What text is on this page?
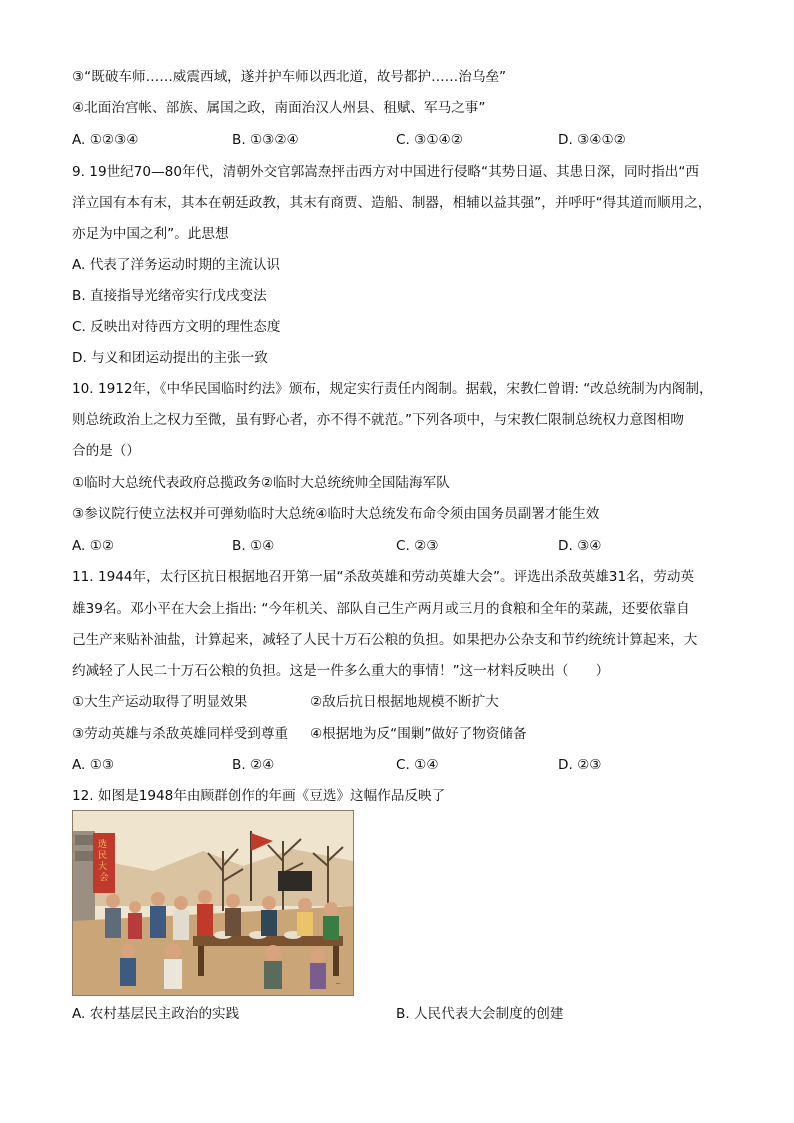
③“既破车师……威震西域，遂并护车师以西北道，故号都护……治乌垒”
④北面治宫帐、部族、属国之政，南面治汉人州县、租赋、军马之事”
A. ①②③④	B. ①③②④	C. ③①④②	D. ③④①②
9. 19世纪70—80年代，清朝外交官郭嵩焘抨击西方对中国进行侵略“其势日逼、其患日深，同时指出“西
洋立国有本有末，其本在朝廷政教，其末有商贾、造船、制器，相辅以益其强”，并呼吁“得其道而顺用之，
亦足为中国之利”。此思想
A. 代表了洋务运动时期的主流认识
B. 直接指导光绪帝实行戊戌变法
C. 反映出对待西方文明的理性态度
D. 与义和团运动提出的主张一致
10. 1912年，《中华民国临时约法》颁布，规定实行责任内阁制。据载，宋教仁曾谓: “改总统制为内阁制，
则总统政治上之权力至微，虽有野心者，亦不得不就范。”下列各项中，与宋教仁限制总统权力意图相吻
合的是（）
①临时大总统代表政府总揽政务②临时大总统统帅全国陆海军队
③参议院行使立法权并可弹劾临时大总统④临时大总统发布命令须由国务员副署才能生效
A. ①②	B. ①④	C. ②③	D. ③④
11. 1944年，太行区抗日根据地召开第一届“杀敌英雄和劳动英雄大会”。评选出杀敌英雄31名，劳动英
雄39名。邓小平在大会上指出: “今年机关、部队自己生产两月或三月的食粮和全年的菜蔬，还要依靠自
己生产来贴补油盐，计算起来，减轻了人民十万石公粮的负担。如果把办公杂支和节约统统计算起来，大
约减轻了人民二十万石公粮的负担。这是一件多么重大的事情！”这一材料反映出（　　）
①大生产运动取得了明显效果	②敌后抗日根据地规模不断扩大
③劳动英雄与杀敌英雄同样受到尊重 ④根据地为反“围剿”做好了物资储备
A. ①③	B. ②④	C. ①④	D. ②③
12. 如图是1948年由顾群创作的年画《豆选》这幅作品反映了
选 民 大 会
~
A. 农村基层民主政治的实践	B. 人民代表大会制度的创建
